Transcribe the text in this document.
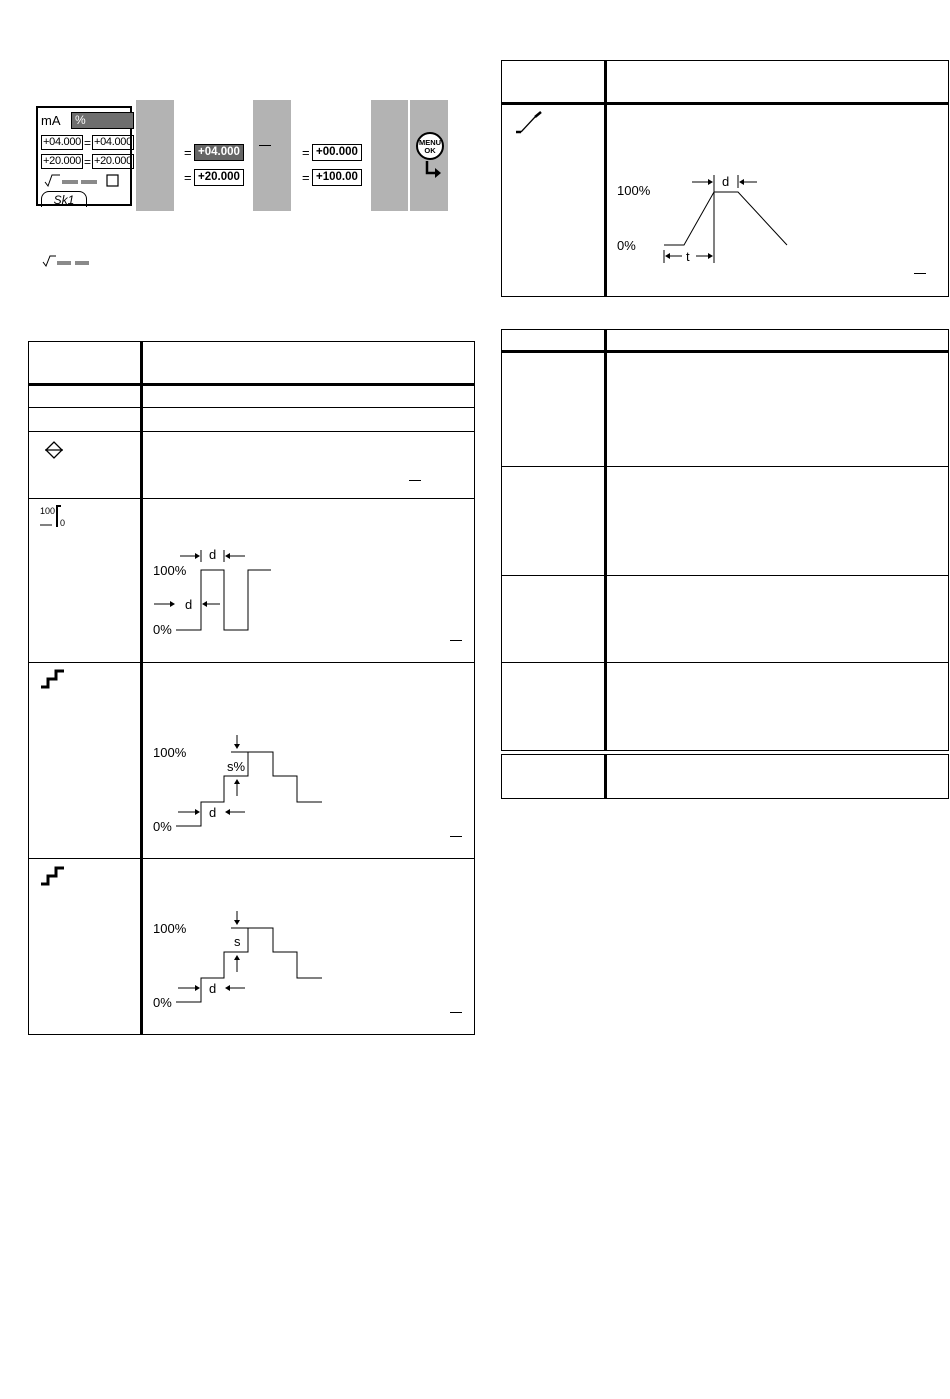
mA	%
+04.000 = +04.000
+20.000 = +20.000
Sk1
= +04.000
= +20.000
= +00.000
= +100.00
MENU
OK
100
0
100%
0%
d
d
100%
0%
s%
d
100%
0%
s
d
100%
0%
d
t
